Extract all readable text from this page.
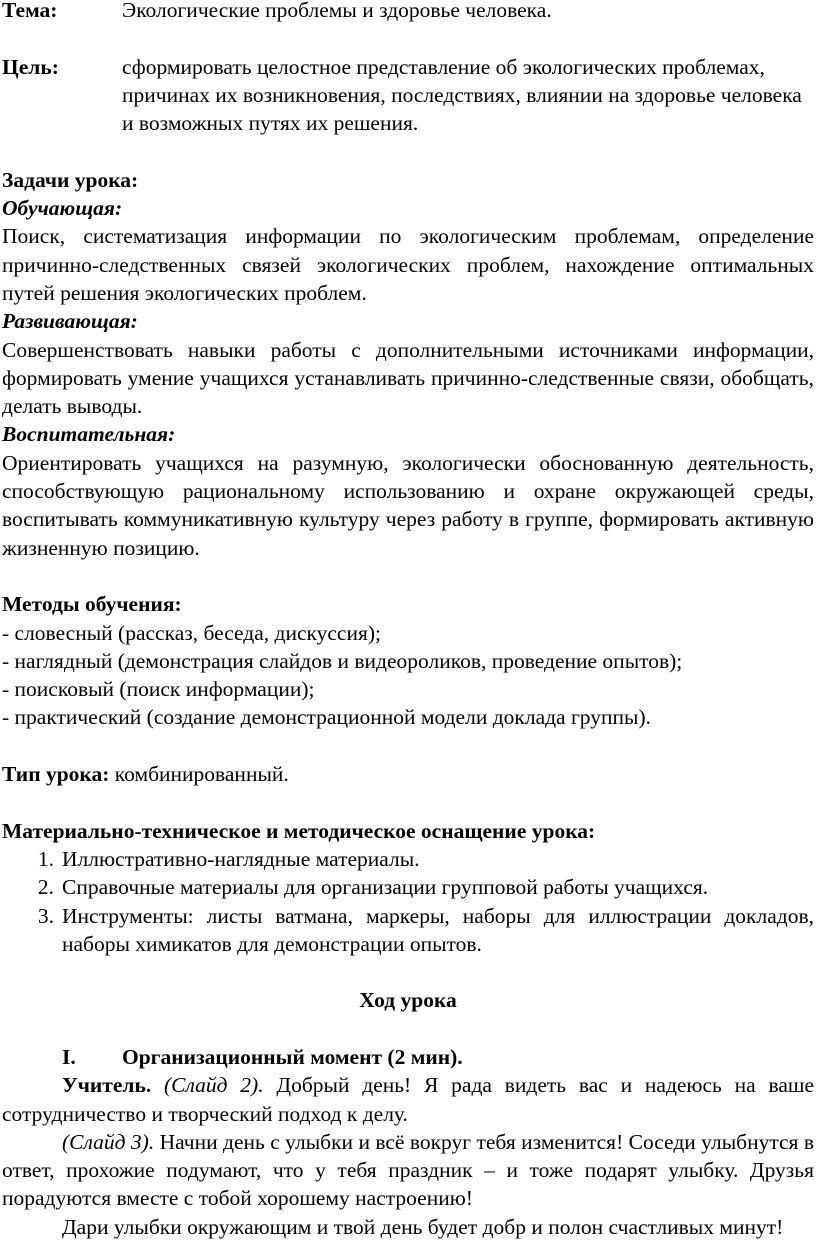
Тема:	Экологические проблемы и здоровье человека.
Цель:	сформировать целостное представление об экологических проблемах, причинах их возникновения, последствиях, влиянии на здоровье человека и возможных путях их решения.
Задачи урока:
Обучающая:
Поиск, систематизация информации по экологическим проблемам, определение причинно-следственных связей экологических проблем, нахождение оптимальных путей решения экологических проблем.
Развивающая:
Совершенствовать навыки работы с дополнительными источниками информации, формировать умение учащихся устанавливать причинно-следственные связи, обобщать, делать выводы.
Воспитательная:
Ориентировать учащихся на разумную, экологически обоснованную деятельность, способствующую рациональному использованию и охране окружающей среды, воспитывать коммуникативную культуру через работу в группе, формировать активную жизненную позицию.
Методы обучения:
- словесный (рассказ, беседа, дискуссия);
- наглядный (демонстрация слайдов и видеороликов, проведение опытов);
- поисковый (поиск информации);
- практический (создание демонстрационной модели доклада группы).
Тип урока: комбинированный.
Материально-техническое и методическое оснащение урока:
1. Иллюстративно-наглядные материалы.
2. Справочные материалы для организации групповой работы учащихся.
3. Инструменты: листы ватмана, маркеры, наборы для иллюстрации докладов, наборы химикатов для демонстрации опытов.
Ход урока
I.	Организационный момент (2 мин).
Учитель. (Слайд 2). Добрый день! Я рада видеть вас и надеюсь на ваше сотрудничество и творческий подход к делу.
(Слайд 3). Начни день с улыбки и всё вокруг тебя изменится! Соседи улыбнутся в ответ, прохожие подумают, что у тебя праздник – и тоже подарят улыбку. Друзья порадуются вместе с тобой хорошему настроению!
Дари улыбки окружающим и твой день будет добр и полон счастливых минут!
